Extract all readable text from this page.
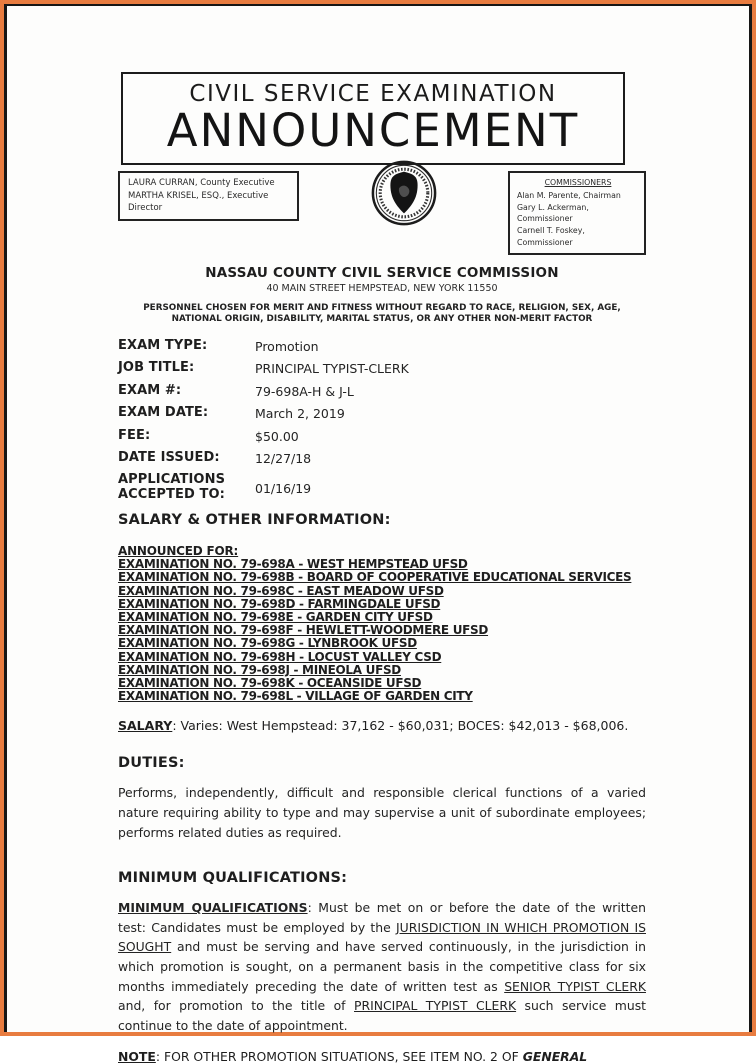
CIVIL SERVICE EXAMINATION
ANNOUNCEMENT
LAURA CURRAN, County Executive
MARTHA KRISEL, ESQ., Executive Director
COMMISSIONERS
Alan M. Parente, Chairman
Gary L. Ackerman, Commissioner
Carnell T. Foskey, Commissioner
NASSAU COUNTY CIVIL SERVICE COMMISSION
40 MAIN STREET HEMPSTEAD, NEW YORK 11550
PERSONNEL CHOSEN FOR MERIT AND FITNESS WITHOUT REGARD TO RACE, RELIGION, SEX, AGE,
NATIONAL ORIGIN, DISABILITY, MARITAL STATUS, OR ANY OTHER NON-MERIT FACTOR
EXAM TYPE:	Promotion
JOB TITLE:	PRINCIPAL TYPIST-CLERK
EXAM #:	79-698A-H & J-L
EXAM DATE:	March 2, 2019
FEE:	$50.00
DATE ISSUED:	12/27/18
APPLICATIONS ACCEPTED TO:	01/16/19
SALARY & OTHER INFORMATION:
ANNOUNCED FOR:
EXAMINATION NO. 79-698A - WEST HEMPSTEAD UFSD
EXAMINATION NO. 79-698B - BOARD OF COOPERATIVE EDUCATIONAL SERVICES
EXAMINATION NO. 79-698C - EAST MEADOW UFSD
EXAMINATION NO. 79-698D - FARMINGDALE UFSD
EXAMINATION NO. 79-698E - GARDEN CITY UFSD
EXAMINATION NO. 79-698F - HEWLETT-WOODMERE UFSD
EXAMINATION NO. 79-698G - LYNBROOK UFSD
EXAMINATION NO. 79-698H - LOCUST VALLEY CSD
EXAMINATION NO. 79-698J - MINEOLA UFSD
EXAMINATION NO. 79-698K - OCEANSIDE UFSD
EXAMINATION NO. 79-698L - VILLAGE OF GARDEN CITY

SALARY: Varies: West Hempstead: 37,162 - $60,031; BOCES: $42,013 - $68,006.

DUTIES:

Performs, independently, difficult and responsible clerical functions of a varied nature requiring ability to type and may supervise a unit of subordinate employees; performs related duties as required.

MINIMUM QUALIFICATIONS:

MINIMUM QUALIFICATIONS: Must be met on or before the date of the written test: Candidates must be employed by the JURISDICTION IN WHICH PROMOTION IS SOUGHT and must be serving and have served continuously, in the jurisdiction in which promotion is sought, on a permanent basis in the competitive class for six months immediately preceding the date of written test as SENIOR TYPIST CLERK and, for promotion to the title of PRINCIPAL TYPIST CLERK such service must continue to the date of appointment.

NOTE: FOR OTHER PROMOTION SITUATIONS, SEE ITEM NO. 2 OF GENERAL
